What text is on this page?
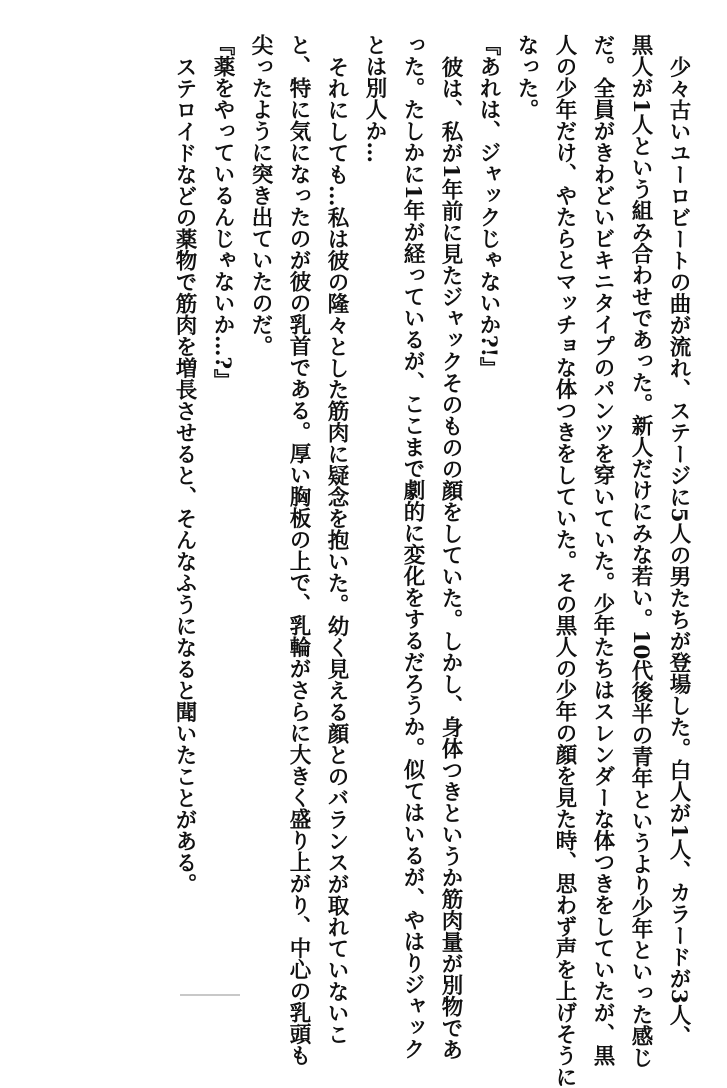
少々古いユーロビートの曲が流れ、ステージに5人の男たちが登場した。白人が1人、カラードが3人、
黒人が1人という組み合わせであった。新人だけにみな若い。10代後半の青年というより少年といった感じ
だ。全員がきわどいビキニタイプのパンツを穿いていた。少年たちはスレンダーな体つきをしていたが、黒
人の少年だけ、やたらとマッチョな体つきをしていた。その黒人の少年の顔を見た時、思わず声を上げそうに
なった。
『あれは、ジャックじゃないか?!』
彼は、私が1年前に見たジャックそのものの顔をしていた。しかし、身体つきというか筋肉量が別物であ
った。たしかに1年が経っているが、ここまで劇的に変化をするだろうか。似てはいるが、やはりジャック
とは別人か…
それにしても…私は彼の隆々とした筋肉に疑念を抱いた。幼く見える顔とのバランスが取れていないこ
と、特に気になったのが彼の乳首である。厚い胸板の上で、乳輪がさらに大きく盛り上がり、中心の乳頭も
尖ったように突き出ていたのだ。
『薬をやっているんじゃないか…?』
ステロイドなどの薬物で筋肉を増長させると、そんなふうになると聞いたことがある。
